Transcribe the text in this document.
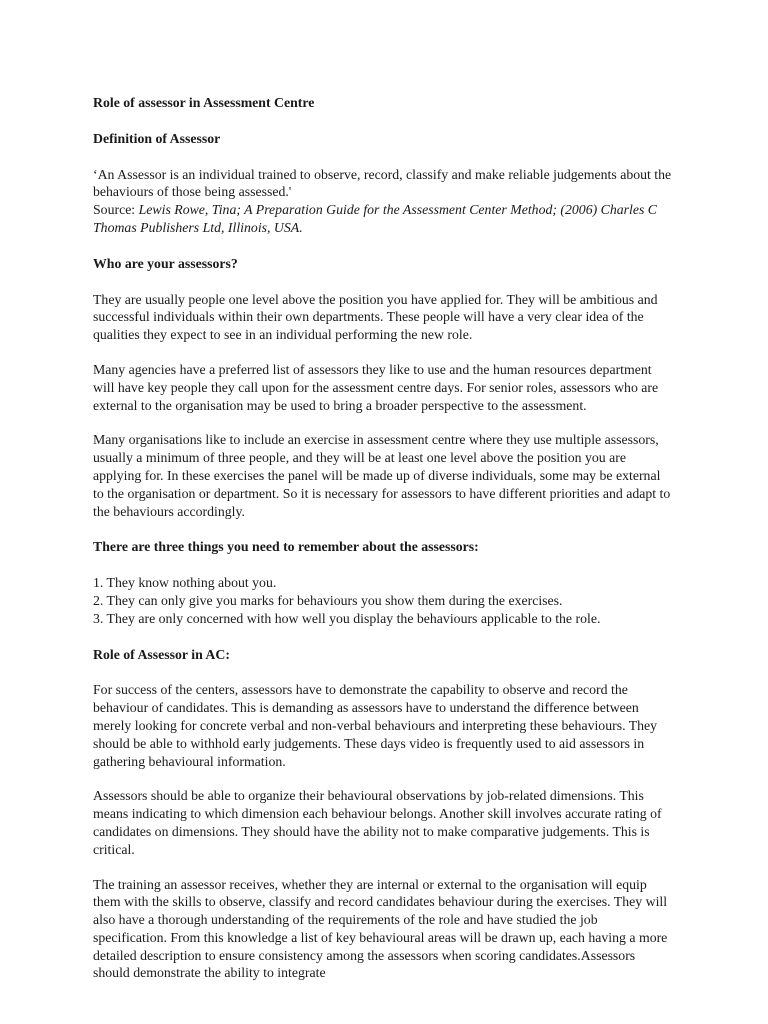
Role of assessor in Assessment Centre

Definition of Assessor

‘An Assessor is an individual trained to observe, record, classify and make reliable judgements about the behaviours of those being assessed.'

Source: Lewis Rowe, Tina; A Preparation Guide for the Assessment Center Method; (2006) Charles C Thomas Publishers Ltd, Illinois, USA.

Who are your assessors?

They are usually people one level above the position you have applied for. They will be ambitious and successful individuals within their own departments. These people will have a very clear idea of the qualities they expect to see in an individual performing the new role.

Many agencies have a preferred list of assessors they like to use and the human resources department will have key people they call upon for the assessment centre days. For senior roles, assessors who are external to the organisation may be used to bring a broader perspective to the assessment.

Many organisations like to include an exercise in assessment centre where they use multiple assessors, usually a minimum of three people, and they will be at least one level above the position you are applying for. In these exercises the panel will be made up of diverse individuals, some may be external to the organisation or department. So it is necessary for assessors to have different priorities and adapt to the behaviours accordingly.

There are three things you need to remember about the assessors:

1. They know nothing about you.

2. They can only give you marks for behaviours you show them during the exercises.

3. They are only concerned with how well you display the behaviours applicable to the role.

Role of Assessor in AC:

For success of the centers, assessors have to demonstrate the capability to observe and record the behaviour of candidates. This is demanding as assessors have to understand the difference between merely looking for concrete verbal and non-verbal behaviours and interpreting these behaviours. They should be able to withhold early judgements. These days video is frequently used to aid assessors in gathering behavioural information.

Assessors should be able to organize their behavioural observations by job-related dimensions. This means indicating to which dimension each behaviour belongs. Another skill involves accurate rating of candidates on dimensions. They should have the ability not to make comparative judgements. This is critical.

The training an assessor receives, whether they are internal or external to the organisation will equip them with the skills to observe, classify and record candidates behaviour during the exercises. They will also have a thorough understanding of the requirements of the role and have studied the job specification. From this knowledge a list of key behavioural areas will be drawn up, each having a more detailed description to ensure consistency among the assessors when scoring candidates.Assessors should demonstrate the ability to integrate
